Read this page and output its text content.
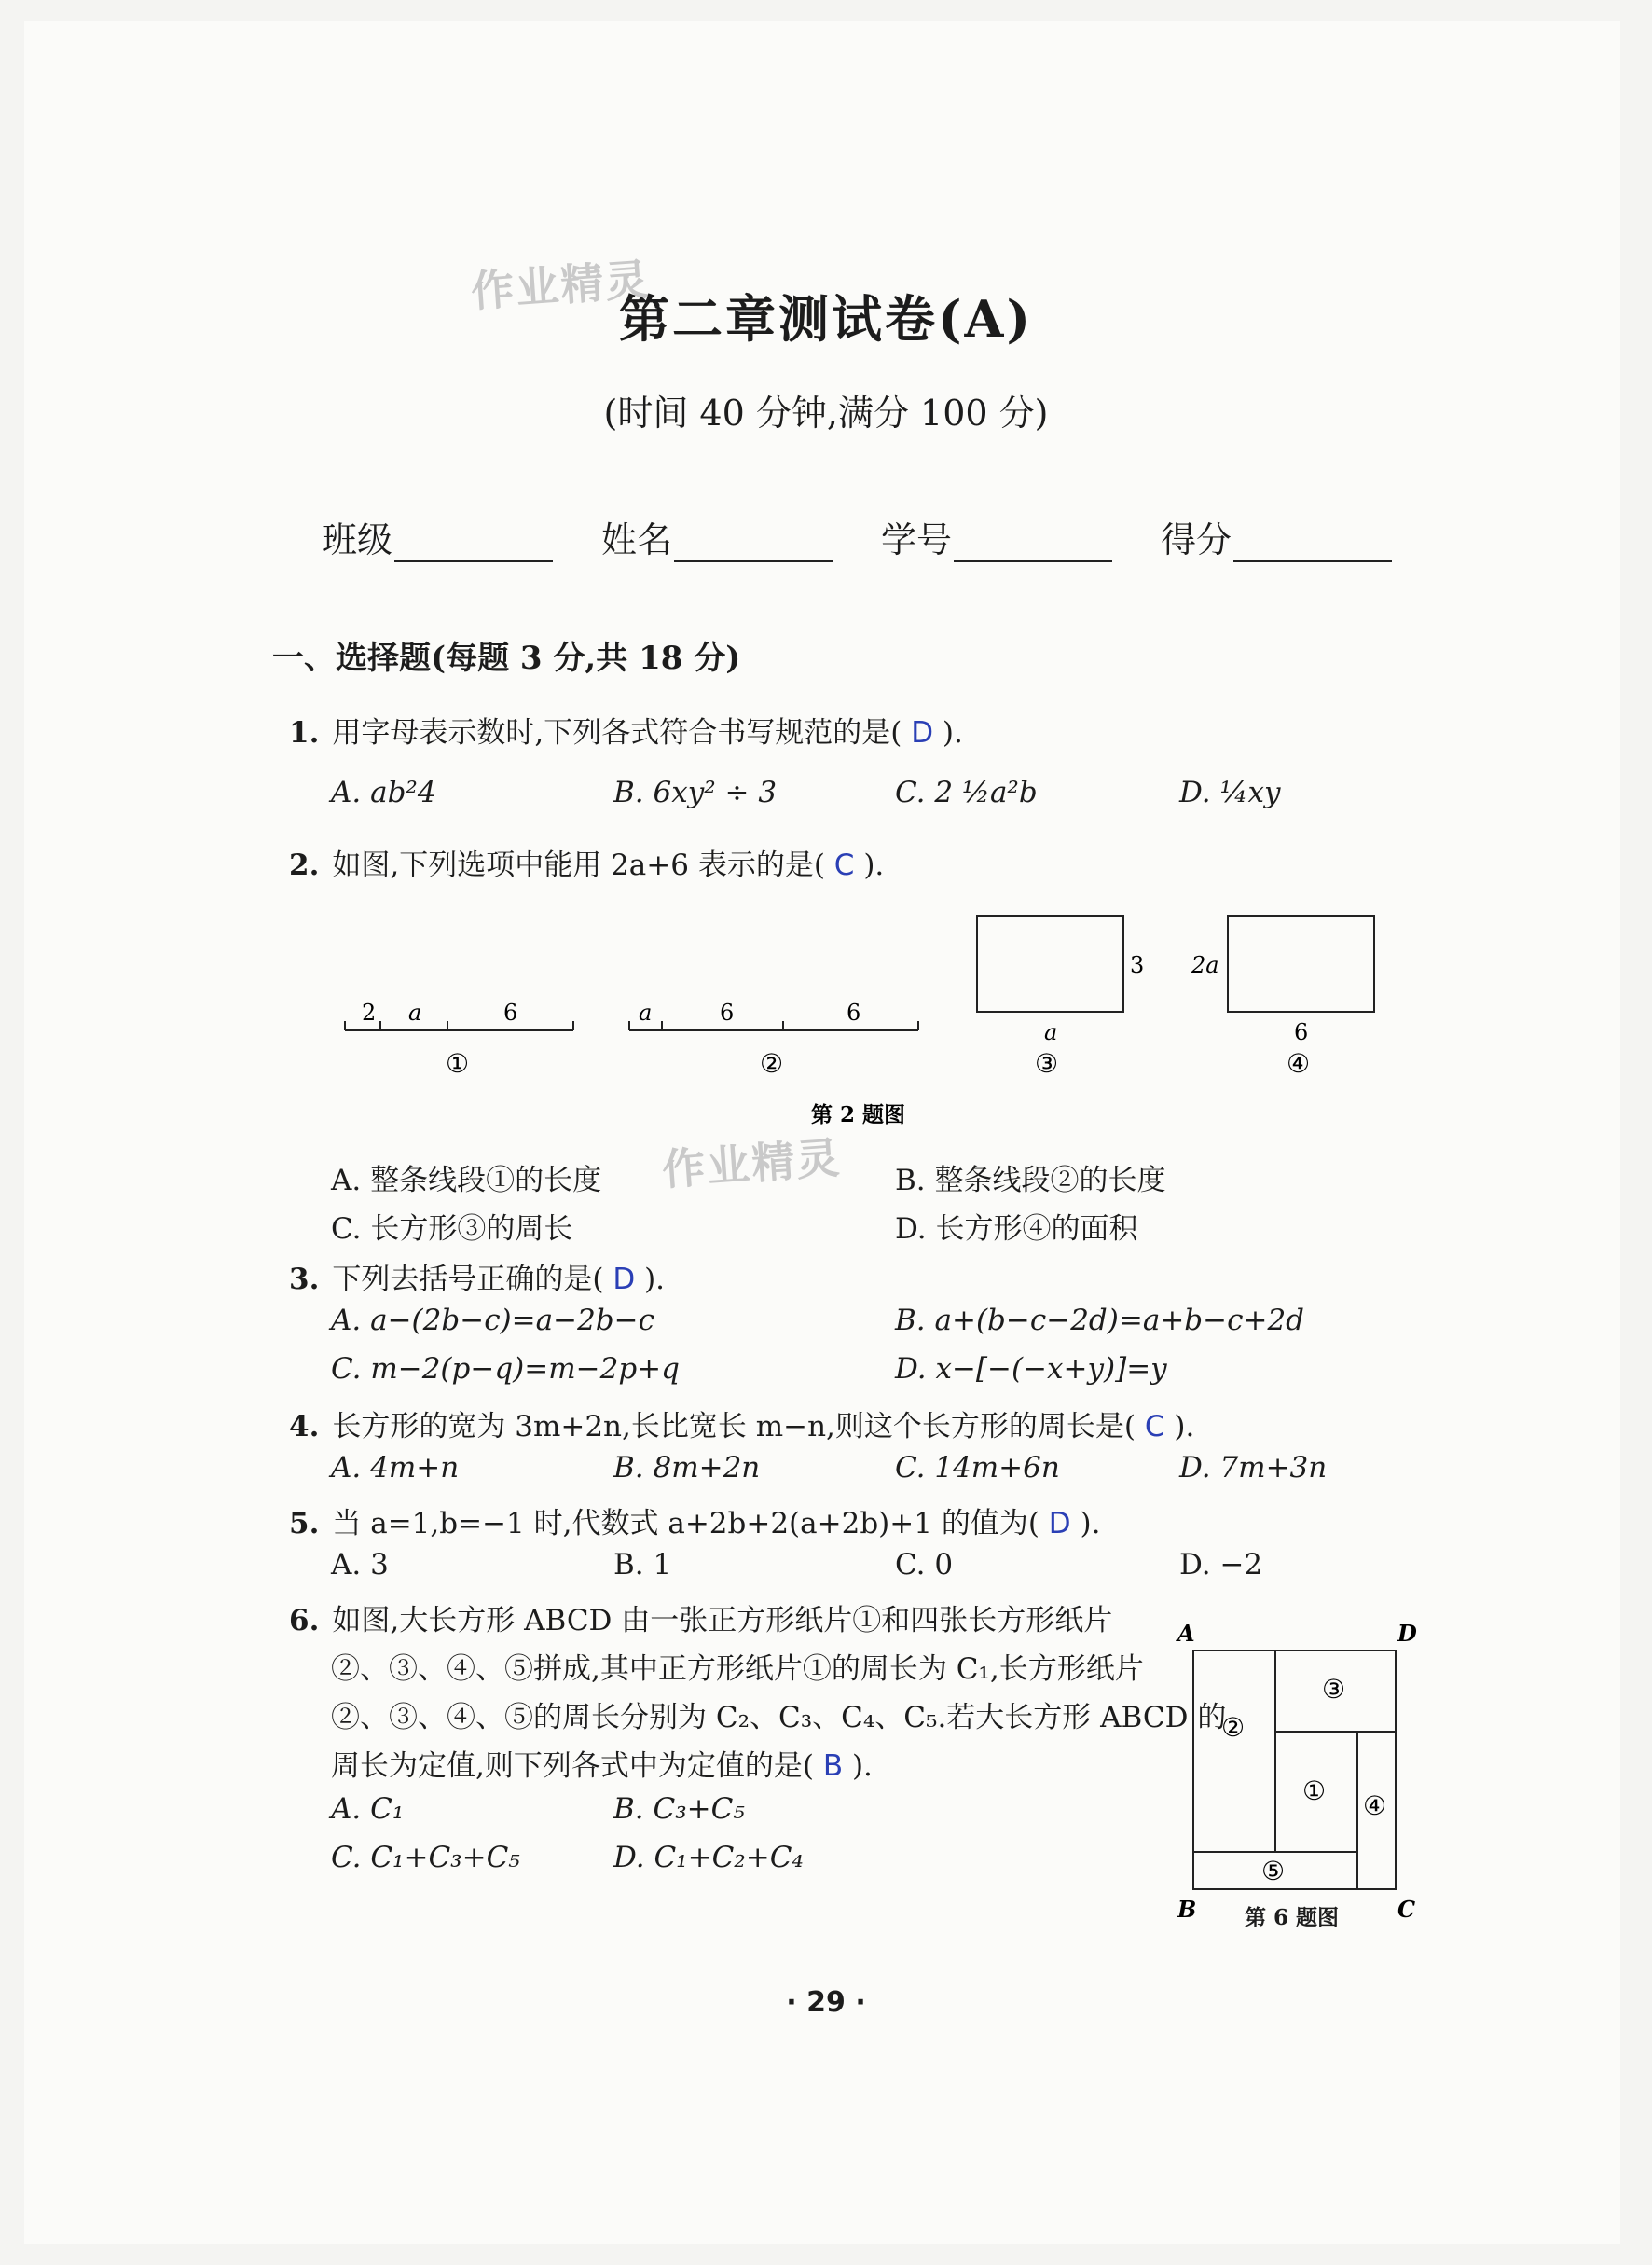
作业精灵
作业精灵
第二章测试卷(A)
(时间 40 分钟,满分 100 分)
班级	姓名	学号	得分
一、选择题(每题 3 分,共 18 分)
1. 用字母表示数时,下列各式符合书写规范的是( D ).
A. ab²4	B. 6xy² ÷ 3	C. 2 ½a²b	D. ¼xy
2. 如图,下列选项中能用 2a+6 表示的是( C ).
2 a	6
①
a	6	6
②
3
a
③
2a
6
④
第 2 题图
A. 整条线段①的长度	B. 整条线段②的长度
C. 长方形③的周长	D. 长方形④的面积
3. 下列去括号正确的是( D ).
A. a−(2b−c)=a−2b−c	B. a+(b−c−2d)=a+b−c+2d
C. m−2(p−q)=m−2p+q	D. x−[−(−x+y)]=y
4. 长方形的宽为 3m+2n,长比宽长 m−n,则这个长方形的周长是( C ).
A. 4m+n	B. 8m+2n	C. 14m+6n	D. 7m+3n
5. 当 a=1,b=−1 时,代数式 a+2b+2(a+2b)+1 的值为( D ).
A. 3	B. 1	C. 0	D. −2
6. 如图,大长方形 ABCD 由一张正方形纸片①和四张长方形纸片
②、③、④、⑤拼成,其中正方形纸片①的周长为 C₁,长方形纸片
②、③、④、⑤的周长分别为 C₂、C₃、C₄、C₅.若大长方形 ABCD 的
周长为定值,则下列各式中为定值的是( B ).
A. C₁	B. C₃+C₅
C. C₁+C₃+C₅	D. C₁+C₂+C₄
A	D
B	C
②
③
① ④
⑤
第 6 题图
· 29 ·
